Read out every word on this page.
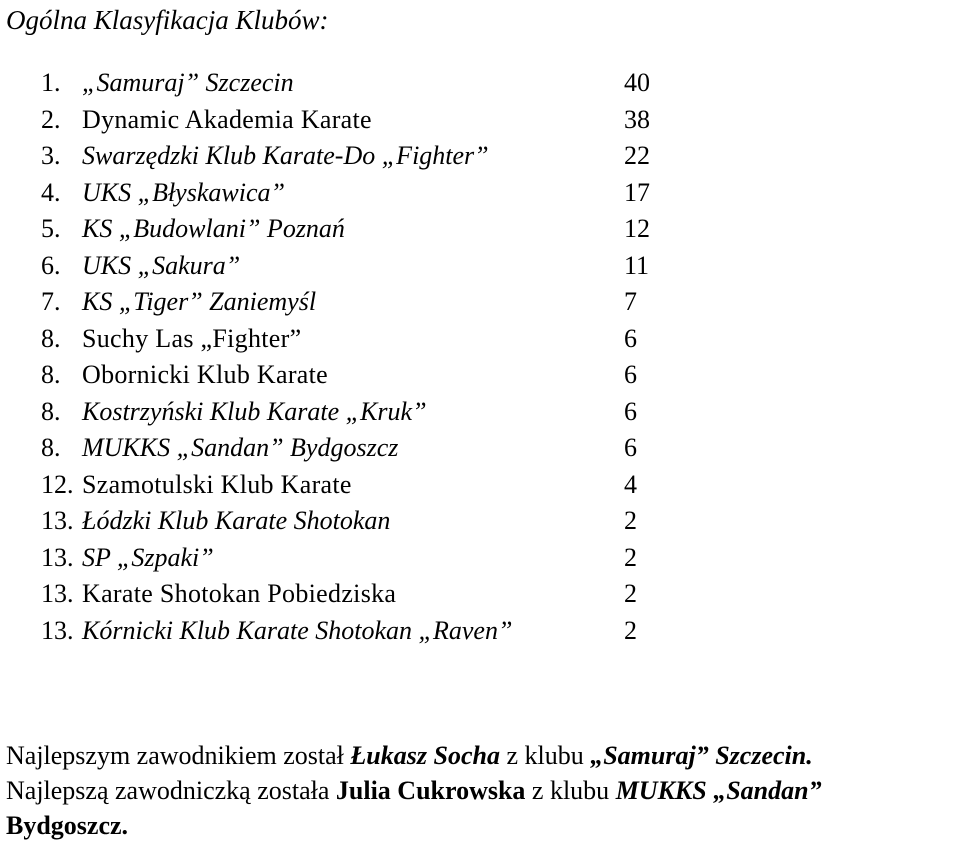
Ogólna Klasyfikacja Klubów:
1. „Samuraj” Szczecin	40
2. Dynamic Akademia Karate	38
3. Swarzędzki Klub Karate-Do „Fighter”	22
4. UKS „Błyskawica”	17
5. KS „Budowlani” Poznań	12
6. UKS „Sakura”	11
7. KS „Tiger” Zaniemyśl	7
8. Suchy Las „Fighter”	6
8. Obornicki Klub Karate	6
8. Kostrzyński Klub Karate „Kruk”	6
8. MUKKS „Sandan” Bydgoszcz	6
12. Szamotulski Klub Karate	4
13. Łódzki Klub Karate Shotokan	2
13. SP „Szpaki”	2
13. Karate Shotokan Pobiedziska	2
13. Kórnicki Klub Karate Shotokan „Raven”	2

Najlepszym zawodnikiem został Łukasz Socha z klubu „Samuraj” Szczecin.

Najlepszą zawodniczką została Julia Cukrowska z klubu MUKKS „Sandan”

Bydgoszcz.
